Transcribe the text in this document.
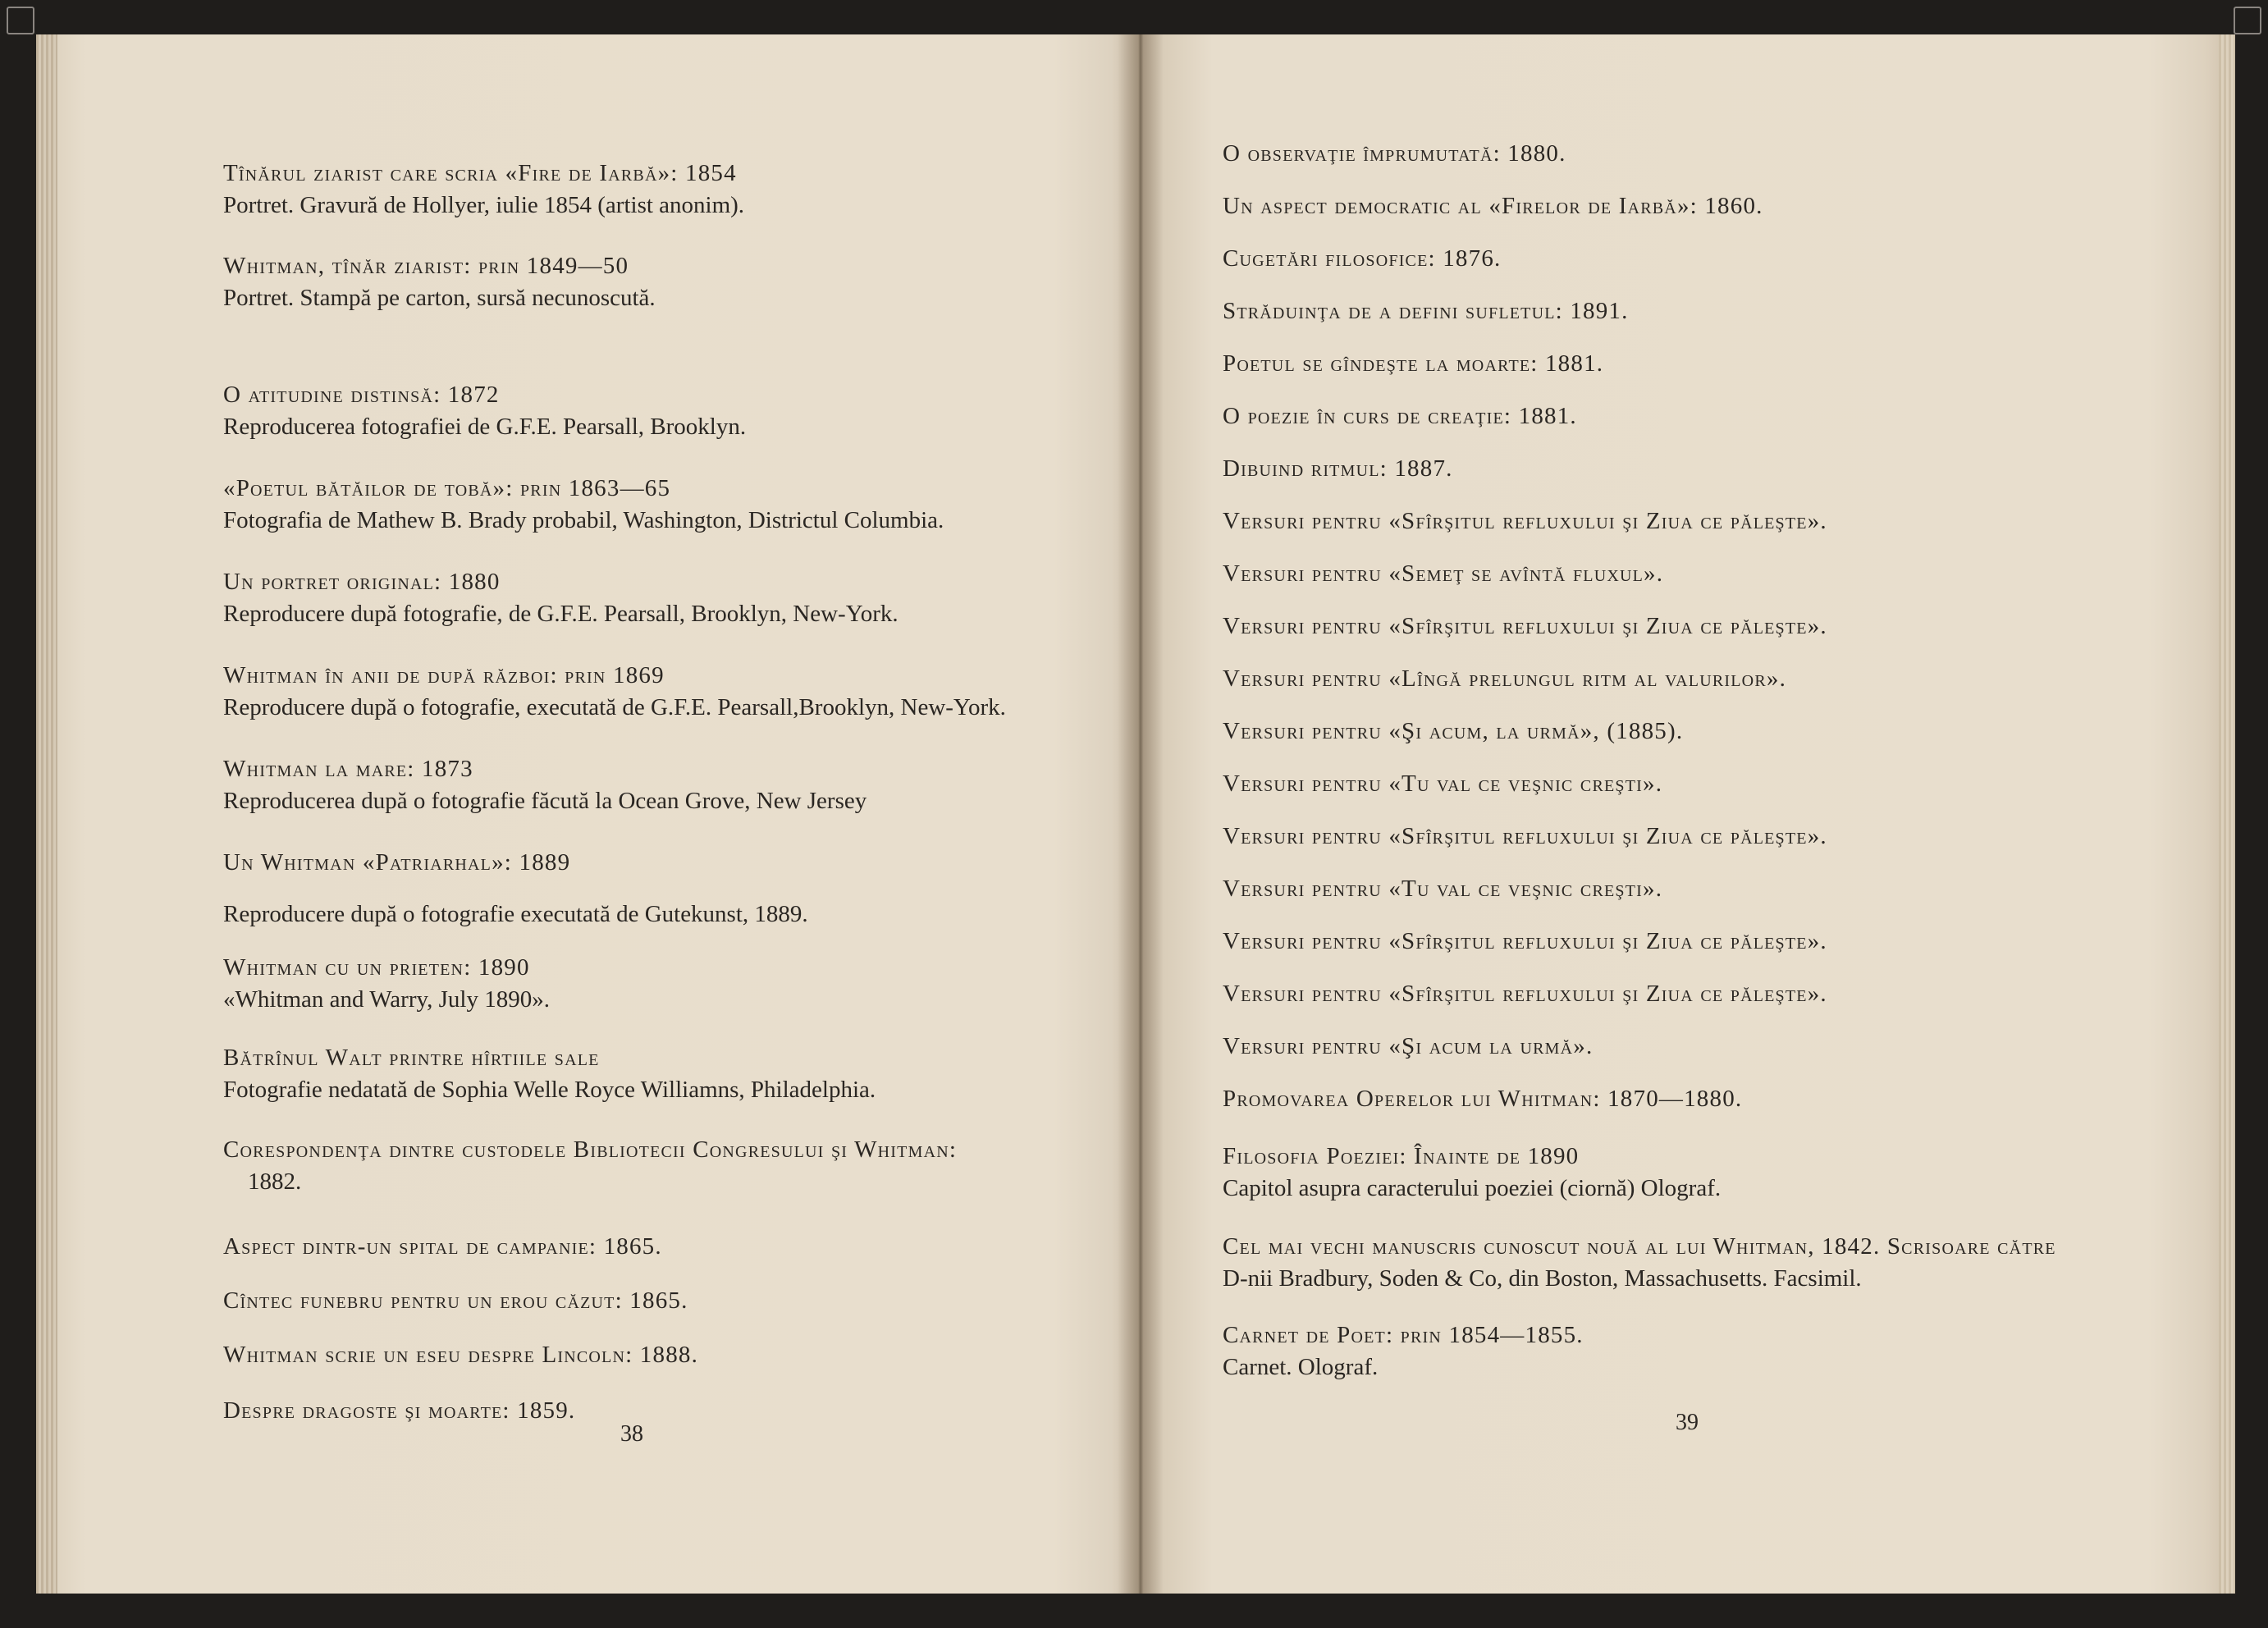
Tînărul ziarist care scria «Fire de Iarbă»: 1854
Portret. Gravură de Hollyer, iulie 1854 (artist anonim).
Whitman, tînăr ziarist: prin 1849—50
Portret. Stampă pe carton, sursă necunoscută.
O atitudine distinsă: 1872
Reproducerea fotografiei de G.F.E. Pearsall, Brooklyn.
«Poetul bătăilor de tobă»: prin 1863—65
Fotografia de Mathew B. Brady probabil, Washington, Districtul Columbia.
Un portret original: 1880
Reproducere după fotografie, de G.F.E. Pearsall, Brooklyn, New-York.
Whitman în anii de după război: prin 1869
Reproducere după o fotografie, executată de G.F.E. Pearsall,Brooklyn, New-York.
Whitman la mare: 1873
Reproducerea după o fotografie făcută la Ocean Grove, New Jersey
Un Whitman «Patriarhal»: 1889
Reproducere după o fotografie executată de Gutekunst, 1889.
Whitman cu un prieten: 1890
«Whitman and Warry, July 1890».
Bătrînul Walt printre hîrtiile sale
Fotografie nedatată de Sophia Welle Royce Williamns, Philadelphia.
Corespondenţa dintre custodele Bibliotecii Congresului şi Whitman:
1882.
Aspect dintr-un spital de campanie: 1865.
Cîntec funebru pentru un erou căzut: 1865.
Whitman scrie un eseu despre Lincoln: 1888.
Despre dragoste şi moarte: 1859.
38
O observaţie împrumutată: 1880.
Un aspect democratic al «Firelor de Iarbă»: 1860.
Cugetări filosofice: 1876.
Străduinţa de a defini sufletul: 1891.
Poetul se gîndeşte la moarte: 1881.
O poezie în curs de creaţie: 1881.
Dibuind ritmul: 1887.
Versuri pentru «Sfîrşitul refluxului şi Ziua ce păleşte».
Versuri pentru «Semeţ se avîntă fluxul».
Versuri pentru «Sfîrşitul refluxului şi Ziua ce păleşte».
Versuri pentru «Lîngă prelungul ritm al valurilor».
Versuri pentru «Şi acum, la urmă», (1885).
Versuri pentru «Tu val ce veşnic creşti».
Versuri pentru «Sfîrşitul refluxului şi Ziua ce păleşte».
Versuri pentru «Tu val ce veşnic creşti».
Versuri pentru «Sfîrşitul refluxului şi Ziua ce păleşte».
Versuri pentru «Sfîrşitul refluxului şi Ziua ce păleşte».
Versuri pentru «Şi acum la urmă».
Promovarea Operelor lui Whitman: 1870—1880.
Filosofia Poeziei: Înainte de 1890
Capitol asupra caracterului poeziei (ciornă) Olograf.
Cel mai vechi manuscris cunoscut nouă al lui Whitman, 1842. Scrisoare către
D-nii Bradbury, Soden & Co, din Boston, Massachusetts. Facsimil.
Carnet de Poet: prin 1854—1855.
Carnet. Olograf.
39
